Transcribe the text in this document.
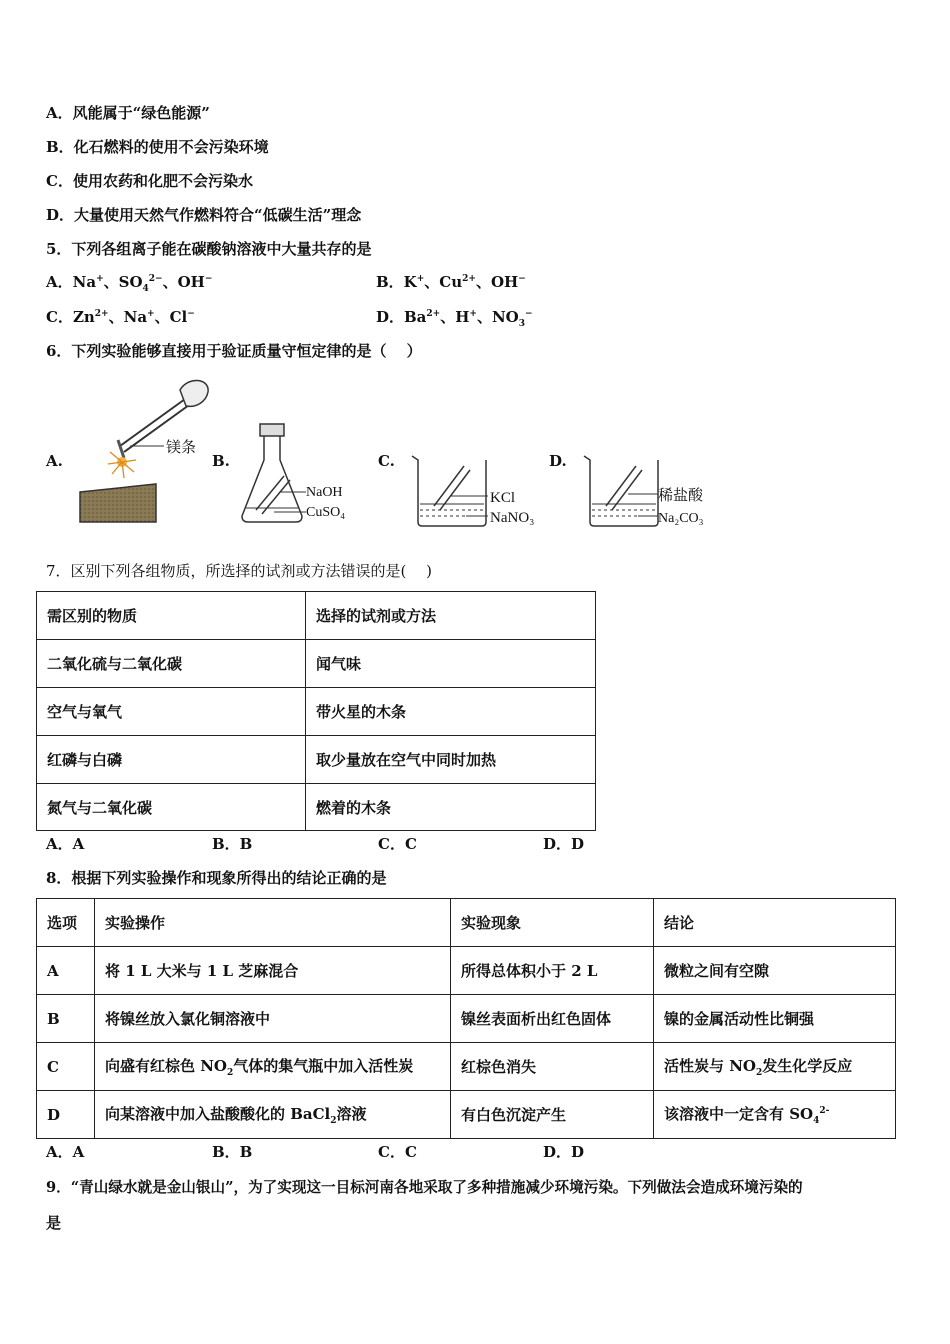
A．风能属于“绿色能源”
B．化石燃料的使用不会污染环境
C．使用农药和化肥不会污染水
D．大量使用天然气作燃料符合“低碳生活”理念
5．下列各组离子能在碳酸钠溶液中大量共存的是
A．Na+、$SO_4^{2-}$、OH−	B．K+、$Cu^{2+}$、OH−
C．$Zn^{2+}$、Na+、Cl−	D．$Ba^{2+}$、H+、$NO_3^-$
6．下列实验能够直接用于验证质量守恒定律的是（　 ）
A.
镁条
B.
NaOH
CuSO₄
C.
KCl
NaNO₃
D.
稀盐酸
Na₂CO₃
7．区别下列各组物质，所选择的试剂或方法错误的是(　 )
需区别的物质	选择的试剂或方法
二氧化硫与二氧化碳	闻气味
空气与氧气	带火星的木条
红磷与白磷	取少量放在空气中同时加热
氮气与二氧化碳	燃着的木条
A．A	B．B	C．C	D．D
8．根据下列实验操作和现象所得出的结论正确的是
选项	实验操作	实验现象	结论
A	将 1 L 大米与 1 L 芝麻混合	所得总体积小于 2 L	微粒之间有空隙
B	将镍丝放入氯化铜溶液中	镍丝表面析出红色固体	镍的金属活动性比铜强
C	向盛有红棕色 $NO_2$气体的集气瓶中加入活性炭	红棕色消失	活性炭与 $NO_2$发生化学反应
D	向某溶液中加入盐酸酸化的 BaCl$_2$溶液	有白色沉淀产生	该溶液中一定含有 $SO_4^{2-}$
A．A	B．B	C．C	D．D
9．“青山绿水就是金山银山”，为了实现这一目标河南各地采取了多种措施减少环境污染。下列做法会造成环境污染的
是
